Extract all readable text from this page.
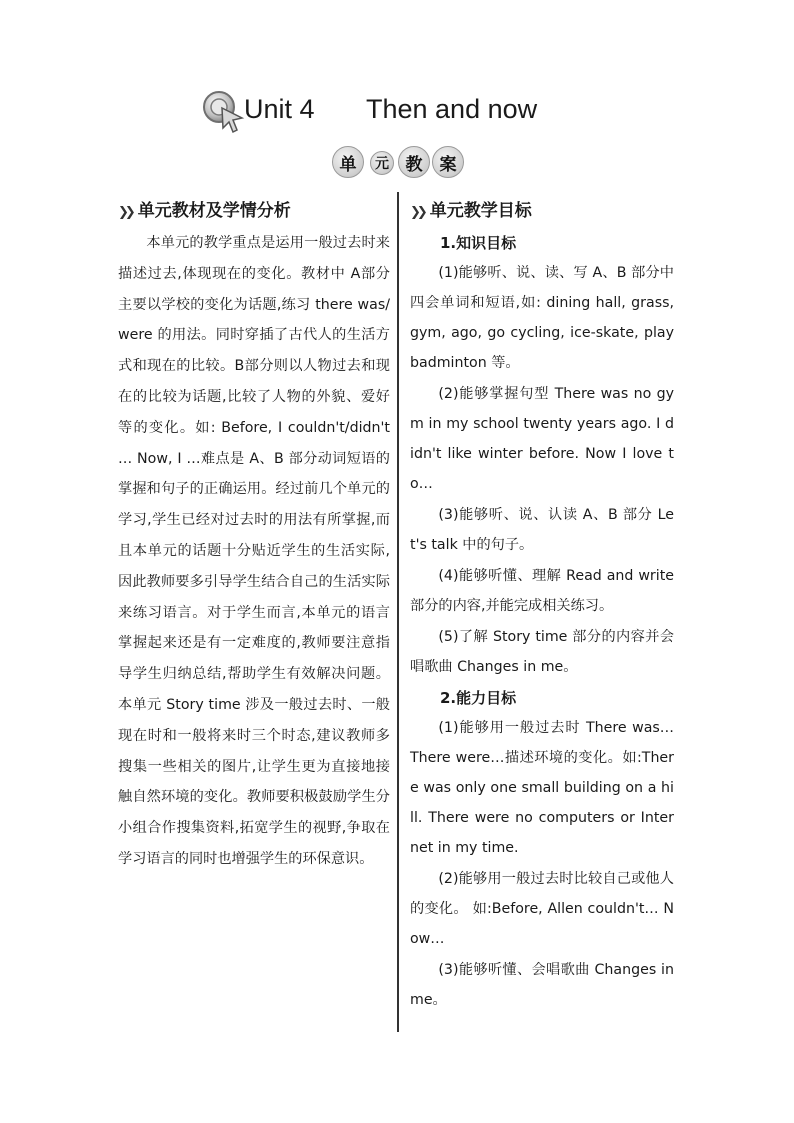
Unit 4 Then and now
单	元 教	案
❯❯ 单元教材及学情分析

本单元的教学重点是运用一般过去时来描述过去,体现现在的变化。教材中 A部分主要以学校的变化为话题,练习 there was/were 的用法。同时穿插了古代人的生活方式和现在的比较。B部分则以人物过去和现在的比较为话题,比较了人物的外貌、爱好等的变化。如: Before, I couldn't/didn't … Now, I …难点是 A、B 部分动词短语的掌握和句子的正确运用。经过前几个单元的学习,学生已经对过去时的用法有所掌握,而且本单元的话题十分贴近学生的生活实际,因此教师要多引导学生结合自己的生活实际来练习语言。对于学生而言,本单元的语言掌握起来还是有一定难度的,教师要注意指导学生归纳总结,帮助学生有效解决问题。本单元 Story time 涉及一般过去时、一般现在时和一般将来时三个时态,建议教师多搜集一些相关的图片,让学生更为直接地接触自然环境的变化。教师要积极鼓励学生分小组合作搜集资料,拓宽学生的视野,争取在学习语言的同时也增强学生的环保意识。

❯❯ 单元教学目标

1.知识目标

(1)能够听、说、读、写 A、B 部分中四会单词和短语,如: dining hall, grass, gym, ago, go cycling, ice-skate, play badminton 等。

(2)能够掌握句型 There was no gym in my school twenty years ago. I didn't like winter before. Now I love to…

(3)能够听、说、认读 A、B 部分 Let's talk 中的句子。

(4)能够听懂、理解 Read and write 部分的内容,并能完成相关练习。

(5)了解 Story time 部分的内容并会唱歌曲 Changes in me。

2.能力目标

(1)能够用一般过去时 There was… There were…描述环境的变化。如:There was only one small building on a hill. There were no computers or Internet in my time.

(2)能够用一般过去时比较自己或他人的变化。 如:Before, Allen couldn't… Now…

(3)能够听懂、会唱歌曲 Changes in me。
